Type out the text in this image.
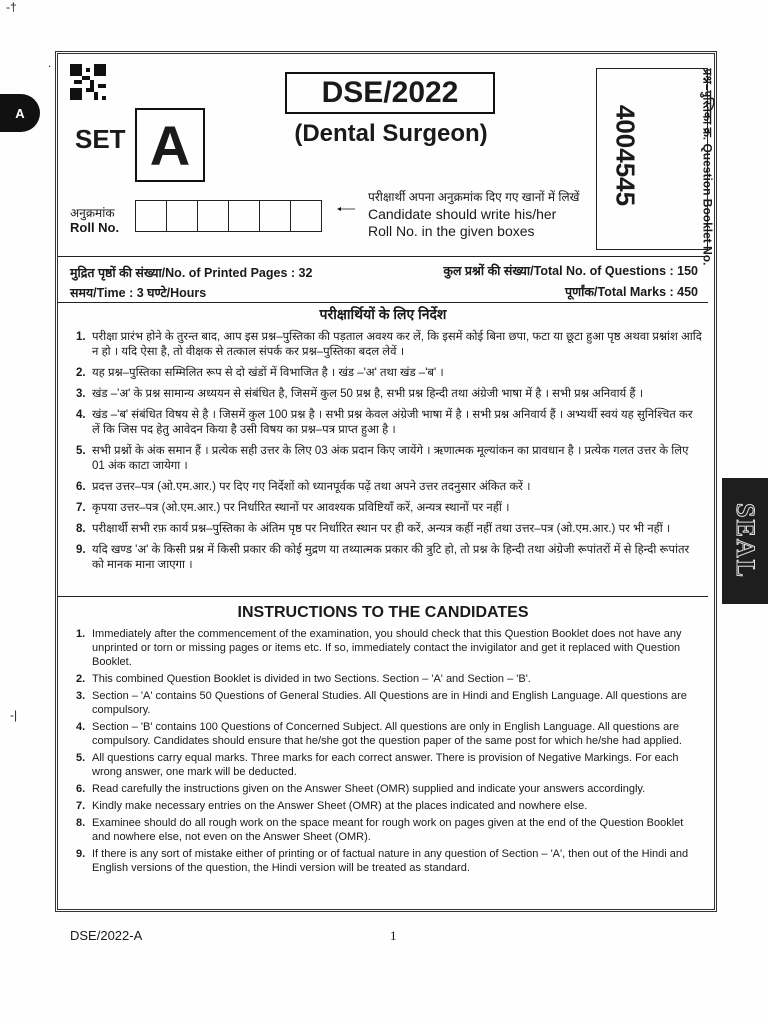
A
SEAL
-†
.
-|
DSE/2022
(Dental Surgeon)
SET A
अनुक्रमांक
Roll No.
परीक्षार्थी अपना अनुक्रमांक दिए गए खानों में लिखें
Candidate should write his/her
Roll No. in the given boxes
4004545	प्रश्न–पुस्तिका क्र. Question Booklet No.
मुद्रित पृष्ठों की संख्या/No. of Printed Pages : 32
समय/Time : 3 घण्टे/Hours
कुल प्रश्नों की संख्या/Total No. of Questions : 150
पूर्णांक/Total Marks : 450
परीक्षार्थियों के लिए निर्देश
1. परीक्षा प्रारंभ होने के तुरन्त बाद, आप इस प्रश्न–पुस्तिका की पड़ताल अवश्य कर लें, कि इसमें कोई बिना छपा, फटा या छूटा हुआ पृष्ठ अथवा प्रश्नांश आदि न हो । यदि ऐसा है, तो वीक्षक से तत्काल संपर्क कर प्रश्न–पुस्तिका बदल लेवें ।
2. यह प्रश्न–पुस्तिका सम्मिलित रूप से दो खंडों में विभाजित है । खंड –'अ' तथा खंड –'ब' ।
3. खंड –'अ' के प्रश्न सामान्य अध्ययन से संबंधित है, जिसमें कुल 50 प्रश्न है, सभी प्रश्न हिन्दी तथा अंग्रेजी भाषा में है । सभी प्रश्न अनिवार्य हैं ।
4. खंड –'ब' संबंधित विषय से है । जिसमें कुल 100 प्रश्न है । सभी प्रश्न केवल अंग्रेजी भाषा में है । सभी प्रश्न अनिवार्य हैं । अभ्यर्थी स्वयं यह सुनिश्चित कर लें कि जिस पद हेतु आवेदन किया है उसी विषय का प्रश्न–पत्र प्राप्त हुआ है ।
5. सभी प्रश्नों के अंक समान हैं । प्रत्येक सही उत्तर के लिए 03 अंक प्रदान किए जायेंगे । ऋणात्मक मूल्यांकन का प्रावधान है । प्रत्येक गलत उत्तर के लिए 01 अंक काटा जायेगा ।
6. प्रदत्त उत्तर–पत्र (ओ.एम.आर.) पर दिए गए निर्देशों को ध्यानपूर्वक पढ़ें तथा अपने उत्तर तदनुसार अंकित करें ।
7. कृपया उत्तर–पत्र (ओ.एम.आर.) पर निर्धारित स्थानों पर आवश्यक प्रविष्टियाँ करें, अन्यत्र स्थानों पर नहीं ।
8. परीक्षार्थी सभी रफ़ कार्य प्रश्न–पुस्तिका के अंतिम पृष्ठ पर निर्धारित स्थान पर ही करें, अन्यत्र कहीं नहीं तथा उत्तर–पत्र (ओ.एम.आर.) पर भी नहीं ।
9. यदि खण्ड 'अ' के किसी प्रश्न में किसी प्रकार की कोई मुद्रण या तथ्यात्मक प्रकार की त्रुटि हो, तो प्रश्न के हिन्दी तथा अंग्रेजी रूपांतरों में से हिन्दी रूपांतर को मानक माना जाएगा ।
INSTRUCTIONS TO THE CANDIDATES
1. Immediately after the commencement of the examination, you should check that this Question Booklet does not have any unprinted or torn or missing pages or items etc. If so, immediately contact the invigilator and get it replaced with Question Booklet.
2. This combined Question Booklet is divided in two Sections. Section – 'A' and Section – 'B'.
3. Section – 'A' contains 50 Questions of General Studies. All Questions are in Hindi and English Language. All questions are compulsory.
4. Section – 'B' contains 100 Questions of Concerned Subject. All questions are only in English Language. All questions are compulsory. Candidates should ensure that he/she got the question paper of the same post for which he/she had applied.
5. All questions carry equal marks. Three marks for each correct answer. There is provision of Negative Markings. For each wrong answer, one mark will be deducted.
6. Read carefully the instructions given on the Answer Sheet (OMR) supplied and indicate your answers accordingly.
7. Kindly make necessary entries on the Answer Sheet (OMR) at the places indicated and nowhere else.
8. Examinee should do all rough work on the space meant for rough work on pages given at the end of the Question Booklet and nowhere else, not even on the Answer Sheet (OMR).
9. If there is any sort of mistake either of printing or of factual nature in any question of Section – 'A', then out of the Hindi and English versions of the question, the Hindi version will be treated as standard.
DSE/2022-A	1
